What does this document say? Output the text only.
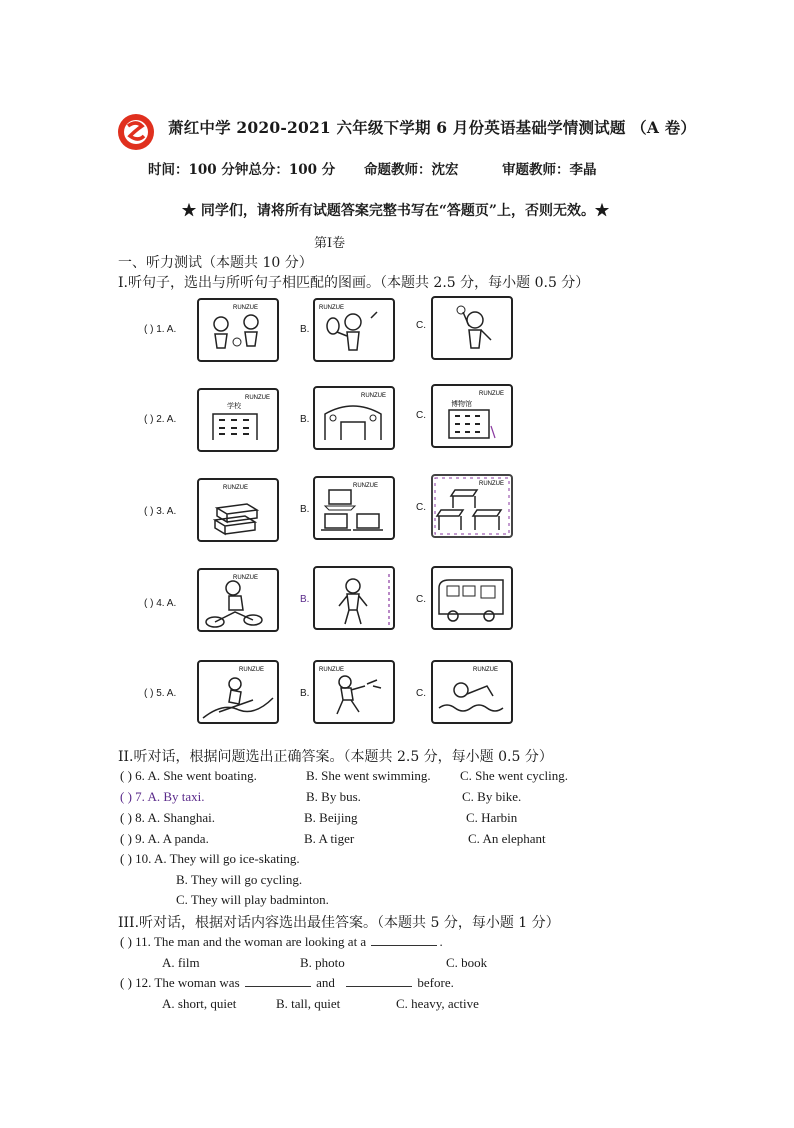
萧红中学 2020-2021 六年级下学期 6 月份英语基础学情测试题 （A 卷）
时间：100 分钟总分：100 分 命题教师：沈宏	审题教师：李晶
★ 同学们，请将所有试题答案完整书写在“答题页”上，否则无效。★
第Ⅰ卷
一、听力测试（本题共 10 分）
I.听句子，选出与所听句子相匹配的图画。（本题共 2.5 分，每小题 0.5 分）
( ) 1. A.
RUNZUE
B.
RUNZUE
C.
( ) 2. A.
RUNZUE
学校
B.
RUNZUE
C.
RUNZUE
博物馆
( ) 3. A.
RUNZUE
B.
RUNZUE
C.
RUNZUE
( ) 4. A.
RUNZUE
B.	C.
( ) 5. A.
RUNZUE
B.
RUNZUE
C.
RUNZUE
II.听对话，根据问题选出正确答案。（本题共 2.5 分，每小题 0.5 分）
( ) 6. A. She went boating.	B. She went swimming. C. She went cycling.
( ) 7. A. By taxi.	B. By bus.	C. By bike.
( ) 8. A. Shanghai.	B. Beijing	C. Harbin
( ) 9. A. A panda.	B. A tiger	C. An elephant
( ) 10. A. They will go ice-skating.
B. They will go cycling.
C. They will play badminton.
III.听对话，根据对话内容选出最佳答案。（本题共 5 分，每小题 1 分）
( ) 11. The man and the woman are looking at a	.
A. film	B. photo	C. book
( ) 12. The woman was	and	before.
A. short, quiet	B. tall, quiet	C. heavy, active
